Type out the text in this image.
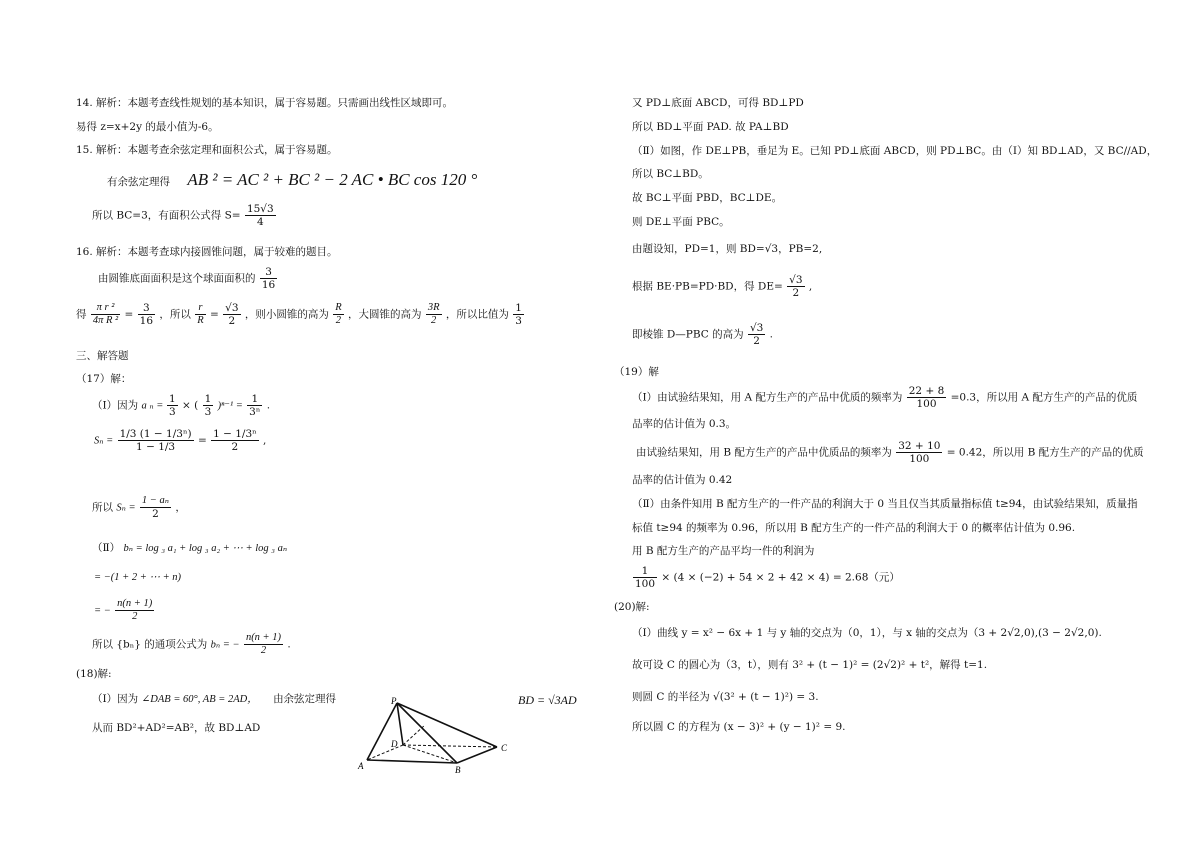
14. 解析：本题考查线性规划的基本知识，属于容易题。只需画出线性区域即可。
易得 z=x+2y 的最小值为-6。
15. 解析：本题考查余弦定理和面积公式，属于容易题。
有余弦定理得 AB ² = AC ² + BC ² − 2 AC • BC cos 120 °
所以 BC=3，有面积公式得 $S= \frac{15√3}{4}$
16. 解析：本题考查球内接圆锥问题，属于较难的题目。
由圆锥底面面积是这个球面面积的 $\frac{3}{16}$
得 $\frac{\text{π r ²}}{\text{4π R ²}} = \frac{3}{16}$ ，所以 $\frac{r}{R} = \frac{√3}{2}$ ，则小圆锥的高为 $\frac{R}{2}$ ，大圆锥的高为 $\frac{3R}{2}$ ，所以比值为 $\frac{1}{3}$
三、解答题
（17）解：
（Ⅰ）因为 a $_n = \frac{1}{3}$ × ( $\frac{1}{3} )^{n-1} = \frac{1}{\text{3ⁿ}}$ .
$S_n = \frac{\text{1/3 (1 − 1/3ⁿ)}}{1 - 1/3} = \frac{\text{1 − 1/3ⁿ}}{2}$ ,
所以 $S_n = \frac{\text{1 − aₙ}}{2}$ ，
（Ⅱ） bₙ = log ₃ a₁ + log ₃ a₂ + ⋯ + log ₃ aₙ
= −(1 + 2 + ⋯ + n)
= − $\frac{n(n + 1)}{2}$
所以 {bₙ} 的通项公式为 bₙ = − $\frac{n(n + 1)}{2}$ .
(18)解:
（Ⅰ）因为 ∠DAB = 60°, AB = 2AD， 由余弦定理得	BD = √3AD
从而 BD²+AD²=AB²，故 BD⊥AD
P
D
A	B
C
又 PD⊥底面 ABCD，可得 BD⊥PD
所以 BD⊥平面 PAD. 故 PA⊥BD
（Ⅱ）如图，作 DE⊥PB，垂足为 E。已知 PD⊥底面 ABCD，则 PD⊥BC。由（Ⅰ）知 BD⊥AD，又 BC//AD，
所以 BC⊥BD。
故 BC⊥平面 PBD，BC⊥DE。
则 DE⊥平面 PBC。
由题设知，PD=1，则 BD=√3，PB=2,
根据 BE·PB=PD·BD，得 $DE= \frac{√3}{2}$ ,
即棱锥 D—PBC 的高为 $\frac{√3}{2}$ .
（19）解
（Ⅰ）由试验结果知，用 A 配方生产的产品中优质的频率为 $\frac{22 + 8}{100} =0.3$，所以用 A 配方生产的产品的优质
品率的估计值为 0.3。
由试验结果知，用 B 配方生产的产品中优质品的频率为 $\frac{32 + 10}{100} = 0.42$，所以用 B 配方生产的产品的优质
品率的估计值为 0.42
（Ⅱ）由条件知用 B 配方生产的一件产品的利润大于 0 当且仅当其质量指标值 t≥94，由试验结果知，质量指
标值 t≥94 的频率为 0.96，所以用 B 配方生产的一件产品的利润大于 0 的概率估计值为 0.96.
用 B 配方生产的产品平均一件的利润为
$\frac{1}{100} \times (4 \times (-2) + 54 \times 2 + 42 \times 4) = 2.68$（元）
(20)解:
（Ⅰ）曲线 y = x² − 6x + 1 与 y 轴的交点为（0，1），与 x 轴的交点为（3 + 2√2,0),(3 − 2√2,0).
故可设 C 的圆心为（3，t），则有 3² + (t − 1)² = (2√2)² + t²，解得 t=1.
则圆 C 的半径为 √(3² + (t − 1)²) = 3.
所以圆 C 的方程为 (x − 3)² + (y − 1)² = 9.
